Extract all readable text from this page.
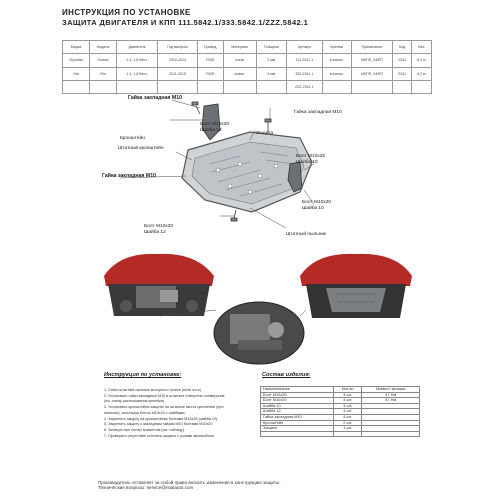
ИНСТРУКЦИЯ ПО УСТАНОВКЕ
ЗАЩИТА ДВИГАТЕЛЯ И КПП 111.5842.1/333.5842.1/ZZZ.5842.1
Марка	Модель	Двигатель	Год выпуска	Привод	Материал	Толщина	Артикул	Крепёж	Примечание	Код	Вес
Hyundai	Solaris	1.4, 1.6 бенз.	2010-2014	FWD	сталь	2 мм	111.2341.1	в компл.	МКПП, АКПП	2341	8,3 кг
Kia	Rio	1.4, 1.6 бенз.	2011-2015	FWD	алюм.	4 мм	333.2341.1	в компл.	МКПП, АКПП	2341	4,2 кг
							ZZZ.2341.1				
Гайка закладная М10
Кронштейн
Болт М10х20
Шайба 12
Защита
Гайка закладная М10
Штатный кронштейн
Гайка закладная М10
Болт М10х25
Шайба 10
Болт М10х20
Шайба 10
Болт М10х20
Шайба 12	Штатный пыльник
Инструкция по установке:
1. Снять штатный пыльник моторного отсека (если есть).
2. Установить гайки закладные М10 в штатные отверстия лонжеронов
(см. схему расположения крепежа).
3. Установить кронштейны защиты на штатные места крепления (при
наличии), используя болты М10х20 с шайбами.
4. Закрепить защиту на кронштейнах болтами М10х25 (шайба 10).
5. Закрепить защиту к закладным гайкам М10 болтами М10х20.
6. Затянуть все болты моментом (см. таблицу).
7. Проверить отсутствие контакта защиты с узлами автомобиля.
Состав изделия:
Наименование	Кол-во	Момент затяжки
Болт М10х25	4 шт.	47 Нм
Болт М10х20	4 шт.	47 Нм
Шайба 10	4 шт.	
Шайба 12	4 шт.	
Гайка закладная М10	4 шт.	
Кронштейн	2 шт.	
Защита	1 шт.	

Производитель оставляет за собой право вносить изменения в конструкцию защиты.
Технические вопросы: service@rivalauto.com
